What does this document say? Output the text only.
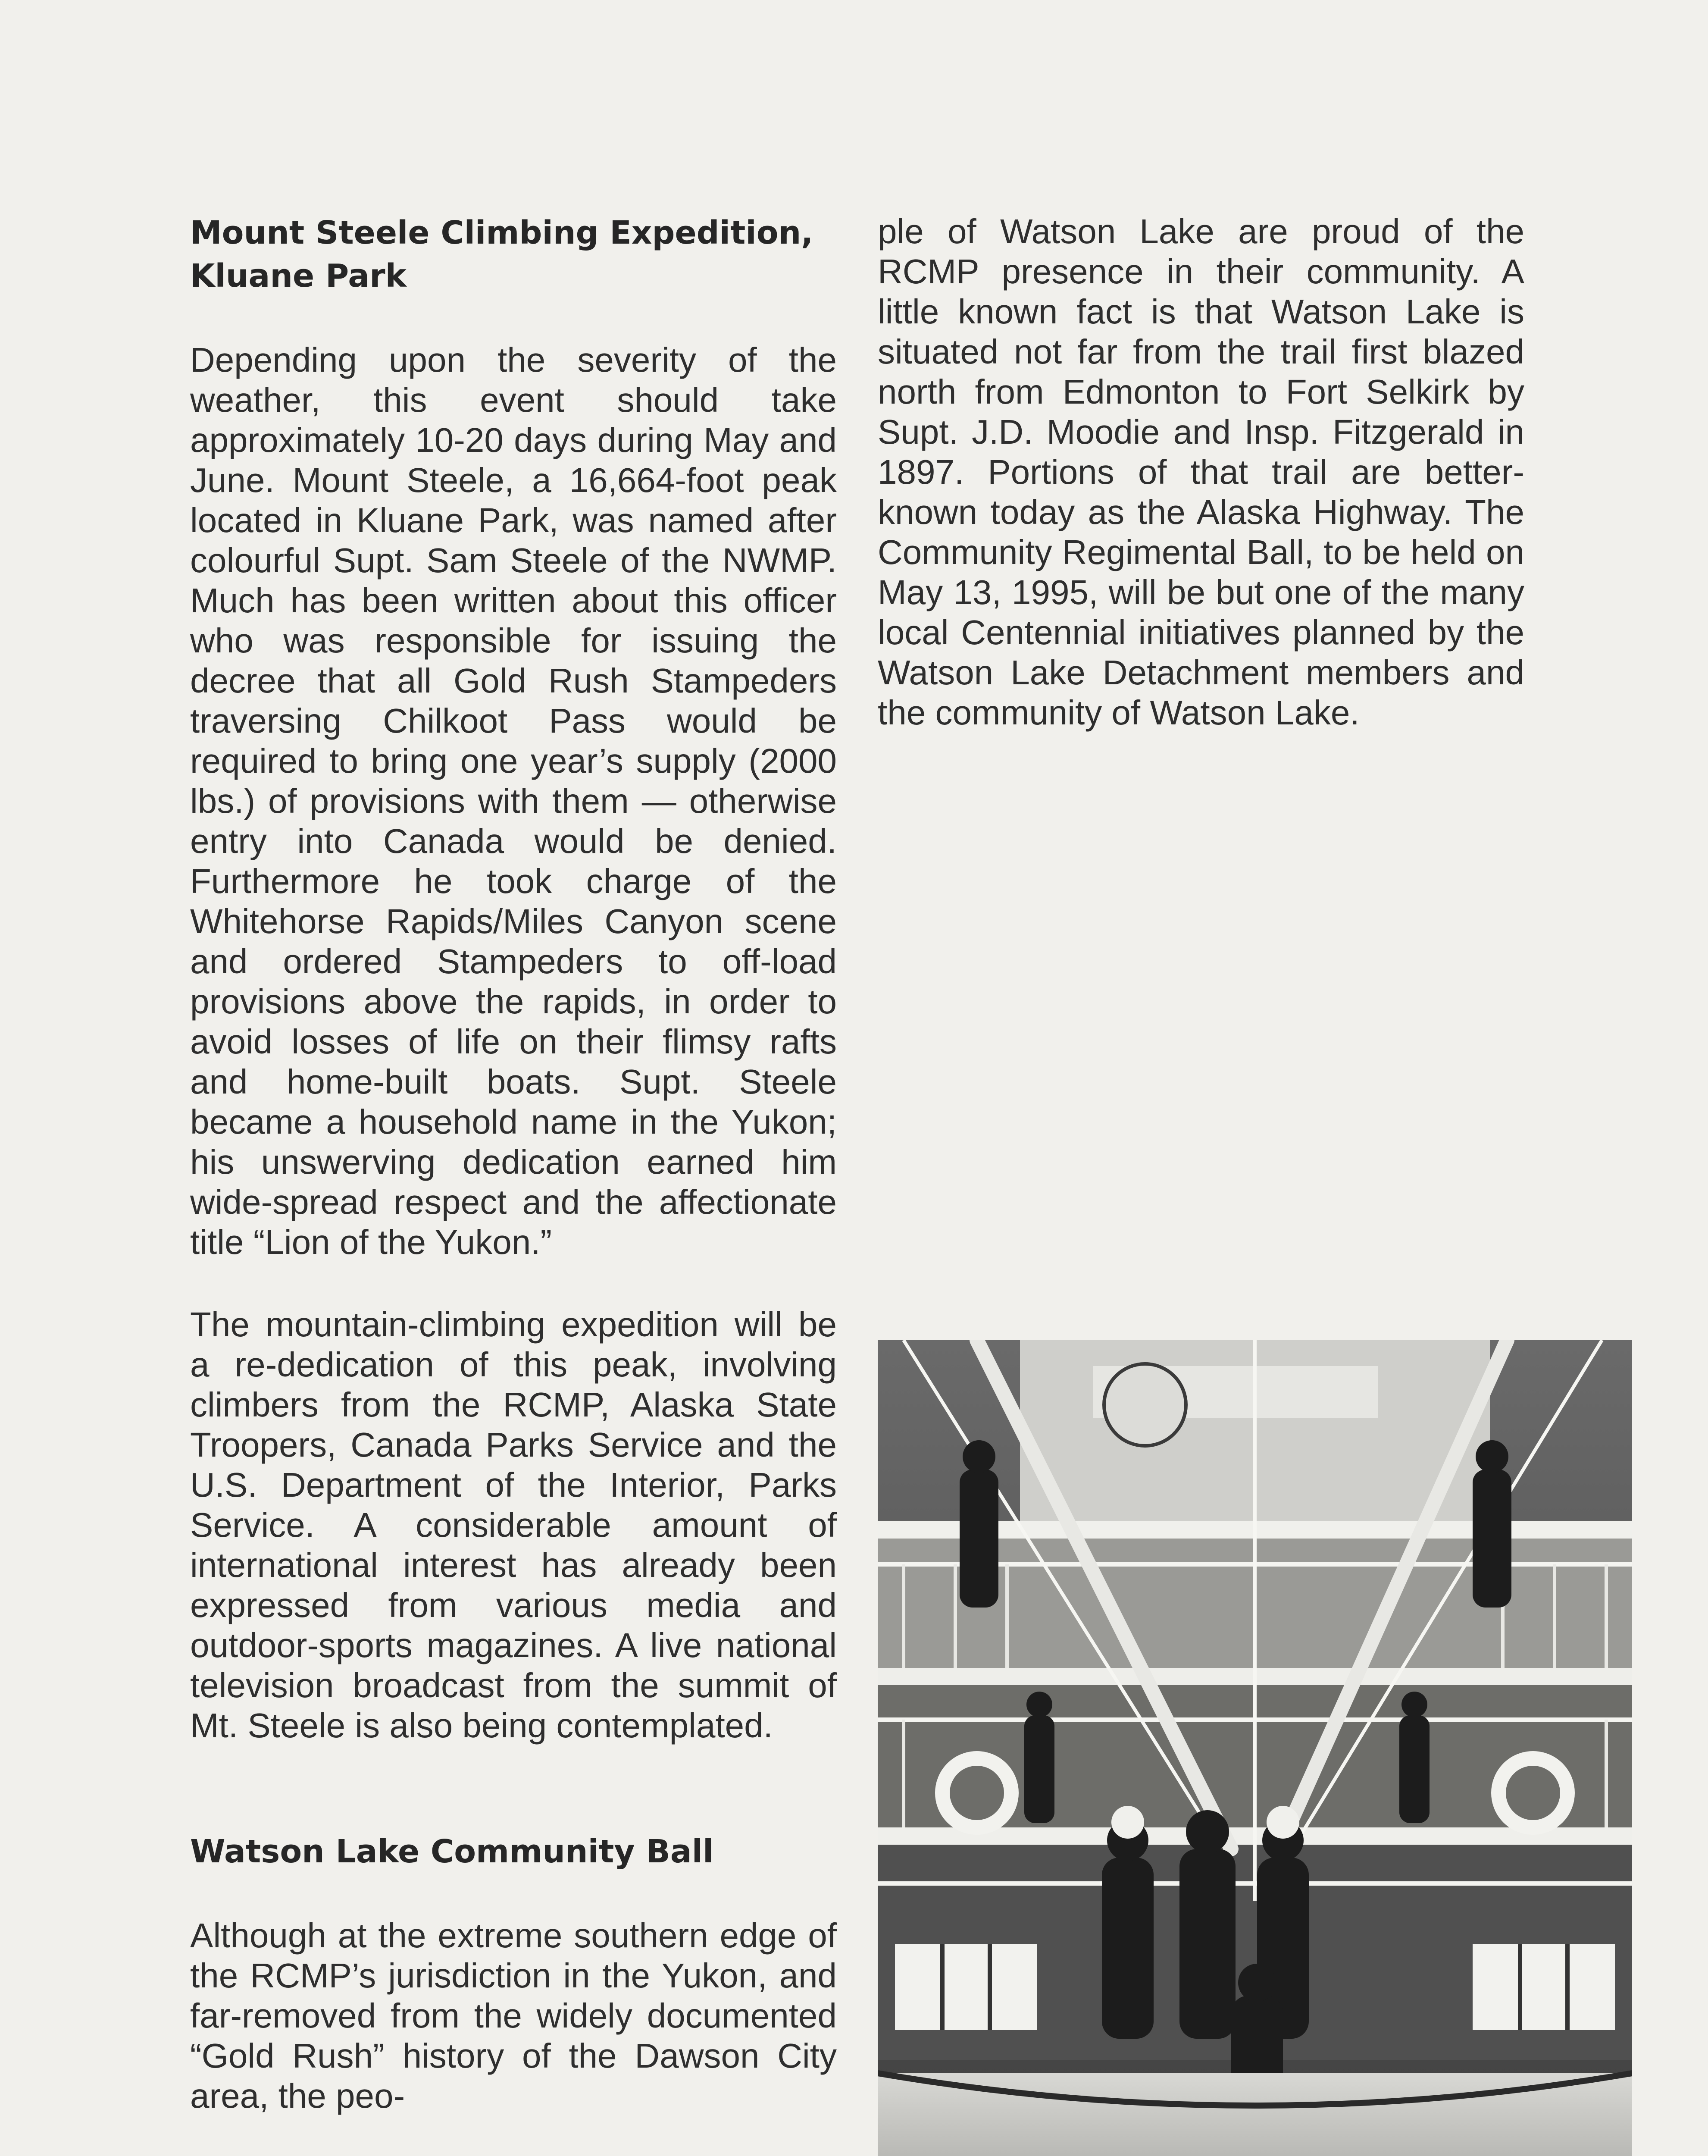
Mount Steele Climbing Expedition, Kluane Park

Depending upon the severity of the weather, this event should take approximately 10-20 days during May and June. Mount Steele, a 16,664-foot peak located in Kluane Park, was named after colourful Supt. Sam Steele of the NWMP. Much has been written about this officer who was responsible for issuing the decree that all Gold Rush Stampeders traversing Chilkoot Pass would be required to bring one year’s supply (2000 lbs.) of provisions with them — otherwise entry into Canada would be denied. Furthermore he took charge of the Whitehorse Rapids/Miles Canyon scene and ordered Stampeders to off-load provisions above the rapids, in order to avoid losses of life on their flimsy rafts and home-built boats. Supt. Steele became a household name in the Yukon; his unswerving dedication earned him wide-spread respect and the affectionate title “Lion of the Yukon.”

The mountain-climbing expedition will be a re-dedication of this peak, involving climbers from the RCMP, Alaska State Troopers, Canada Parks Service and the U.S. Department of the Interior, Parks Service. A considerable amount of international interest has already been expressed from various media and outdoor-sports magazines. A live national television broadcast from the summit of Mt. Steele is also being contemplated.

Watson Lake Community Ball

Although at the extreme southern edge of the RCMP’s jurisdiction in the Yukon, and far-removed from the widely documented “Gold Rush” history of the Dawson City area, the peo-

ple of Watson Lake are proud of the RCMP presence in their community. A little known fact is that Watson Lake is situated not far from the trail first blazed north from Edmonton to Fort Selkirk by Supt. J.D. Moodie and Insp. Fitzgerald in 1897. Portions of that trail are better-known today as the Alaska Highway. The Community Regimental Ball, to be held on May 13, 1995, will be but one of the many local Centennial initiatives planned by the Watson Lake Detachment members and the community of Watson Lake.
